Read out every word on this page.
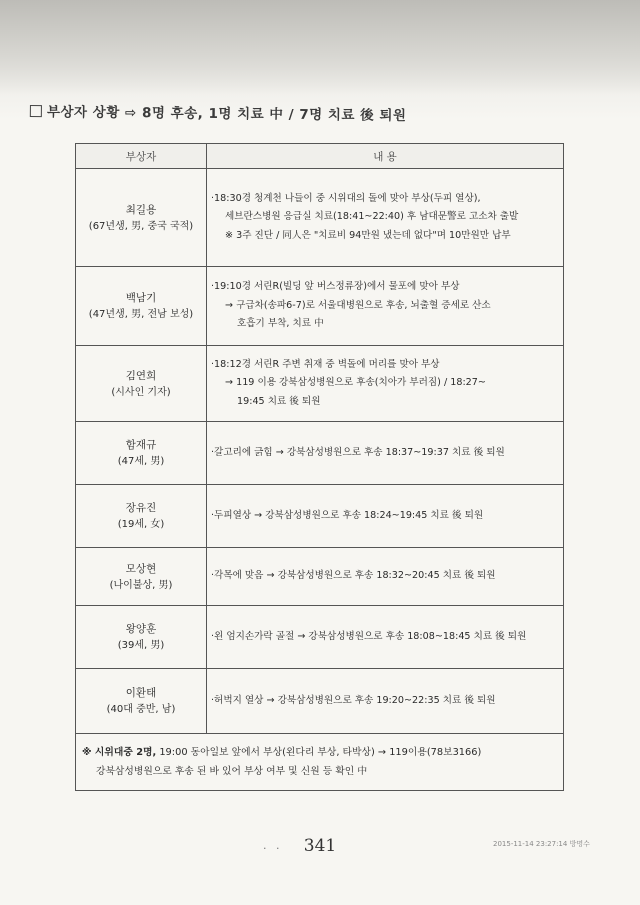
부상자 상황 ⇨ 8명 후송, 1명 치료 中 / 7명 치료 後 퇴원
부상자	내 용

최길용
(67년생, 男, 중국 국적)	·18:30경 청계천 나들이 중 시위대의 돌에 맞아 부상(두피 열상),
세브란스병원 응급실 치료(18:41~22:40) 후 남대문警로 고소차 출발
※ 3주 진단 / 同人은 "치료비 94만원 냈는데 없다"며 10만원만 납부

백남기
(47년생, 男, 전남 보성)	·19:10경 서린R(빌딩 앞 버스정류장)에서 물포에 맞아 부상
→ 구급차(송파6-7)로 서울대병원으로 후송, 뇌출혈 증세로 산소
호흡기 부착, 치료 中

김연희
(시사인 기자)	·18:12경 서린R 주변 취재 중 벽돌에 머리를 맞아 부상
→ 119 이용 강북삼성병원으로 후송(치아가 부러짐) / 18:27~
19:45 치료 後 퇴원

함재규
(47세, 男)	·갈고리에 긁힘 → 강북삼성병원으로 후송 18:37~19:37 치료 後 퇴원

장유진
(19세, 女)	·두피열상 → 강북삼성병원으로 후송 18:24~19:45 치료 後 퇴원

모상현
(나이불상, 男)	·각목에 맞음 → 강북삼성병원으로 후송 18:32~20:45 치료 後 퇴원

왕양훈
(39세, 男)	·왼 엄지손가락 골절 → 강북삼성병원으로 후송 18:08~18:45 치료 後 퇴원

이환태
(40대 중반, 남)	·허벅지 열상 → 강북삼성병원으로 후송 19:20~22:35 치료 後 퇴원

※ 시위대중 2명, 19:00 동아일보 앞에서 부상(왼다리 부상, 타박상) → 119이용(78보3166)
강북삼성병원으로 후송 된 바 있어 부상 여부 및 신원 등 확인 中	
· ·	341	2015-11-14 23:27:14 방명수
